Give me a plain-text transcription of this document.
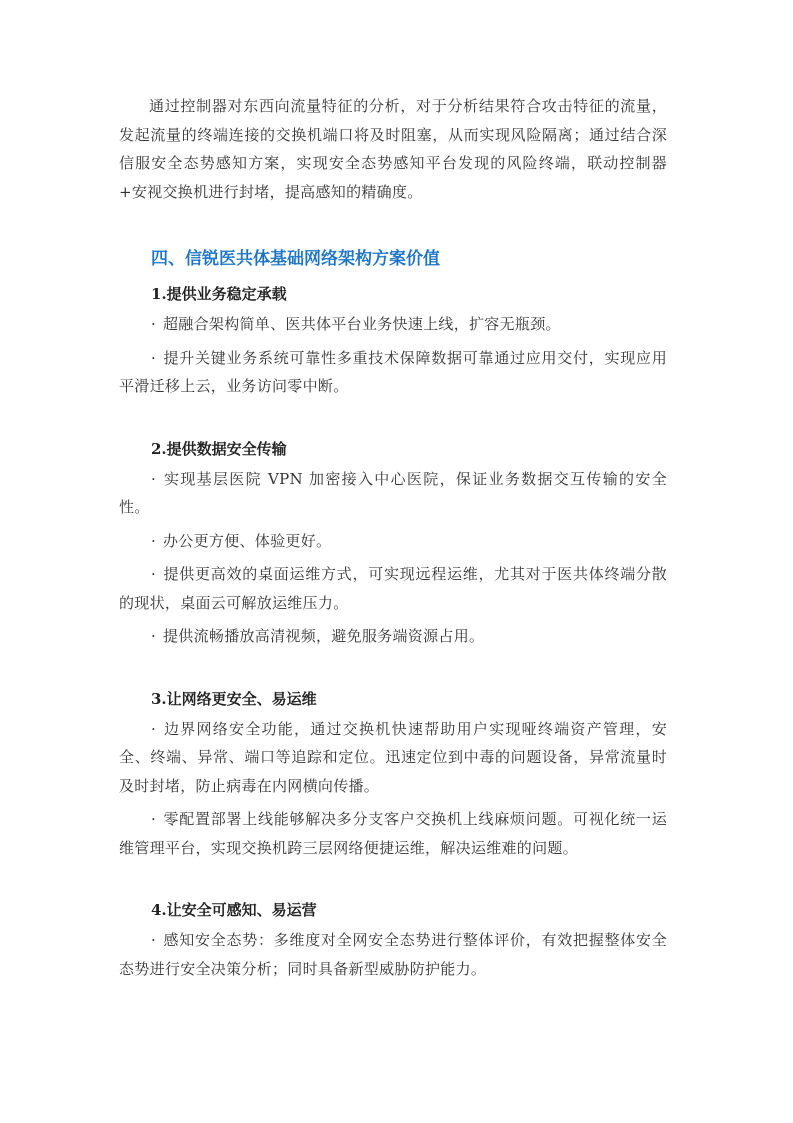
通过控制器对东西向流量特征的分析，对于分析结果符合攻击特征的流量，发起流量的终端连接的交换机端口将及时阻塞，从而实现风险隔离；通过结合深信服安全态势感知方案，实现安全态势感知平台发现的风险终端，联动控制器+安视交换机进行封堵，提高感知的精确度。

四、信锐医共体基础网络架构方案价值
1.提供业务稳定承载

· 超融合架构简单、医共体平台业务快速上线，扩容无瓶颈。

· 提升关键业务系统可靠性多重技术保障数据可靠通过应用交付，实现应用平滑迁移上云，业务访问零中断。

2.提供数据安全传输

· 实现基层医院 VPN 加密接入中心医院，保证业务数据交互传输的安全性。

· 办公更方便、体验更好。

· 提供更高效的桌面运维方式，可实现远程运维，尤其对于医共体终端分散的现状，桌面云可解放运维压力。

· 提供流畅播放高清视频，避免服务端资源占用。

3.让网络更安全、易运维

· 边界网络安全功能，通过交换机快速帮助用户实现哑终端资产管理，安全、终端、异常、端口等追踪和定位。迅速定位到中毒的问题设备，异常流量时及时封堵，防止病毒在内网横向传播。

· 零配置部署上线能够解决多分支客户交换机上线麻烦问题。可视化统一运维管理平台，实现交换机跨三层网络便捷运维，解决运维难的问题。

4.让安全可感知、易运营

· 感知安全态势：多维度对全网安全态势进行整体评价，有效把握整体安全态势进行安全决策分析；同时具备新型威胁防护能力。
